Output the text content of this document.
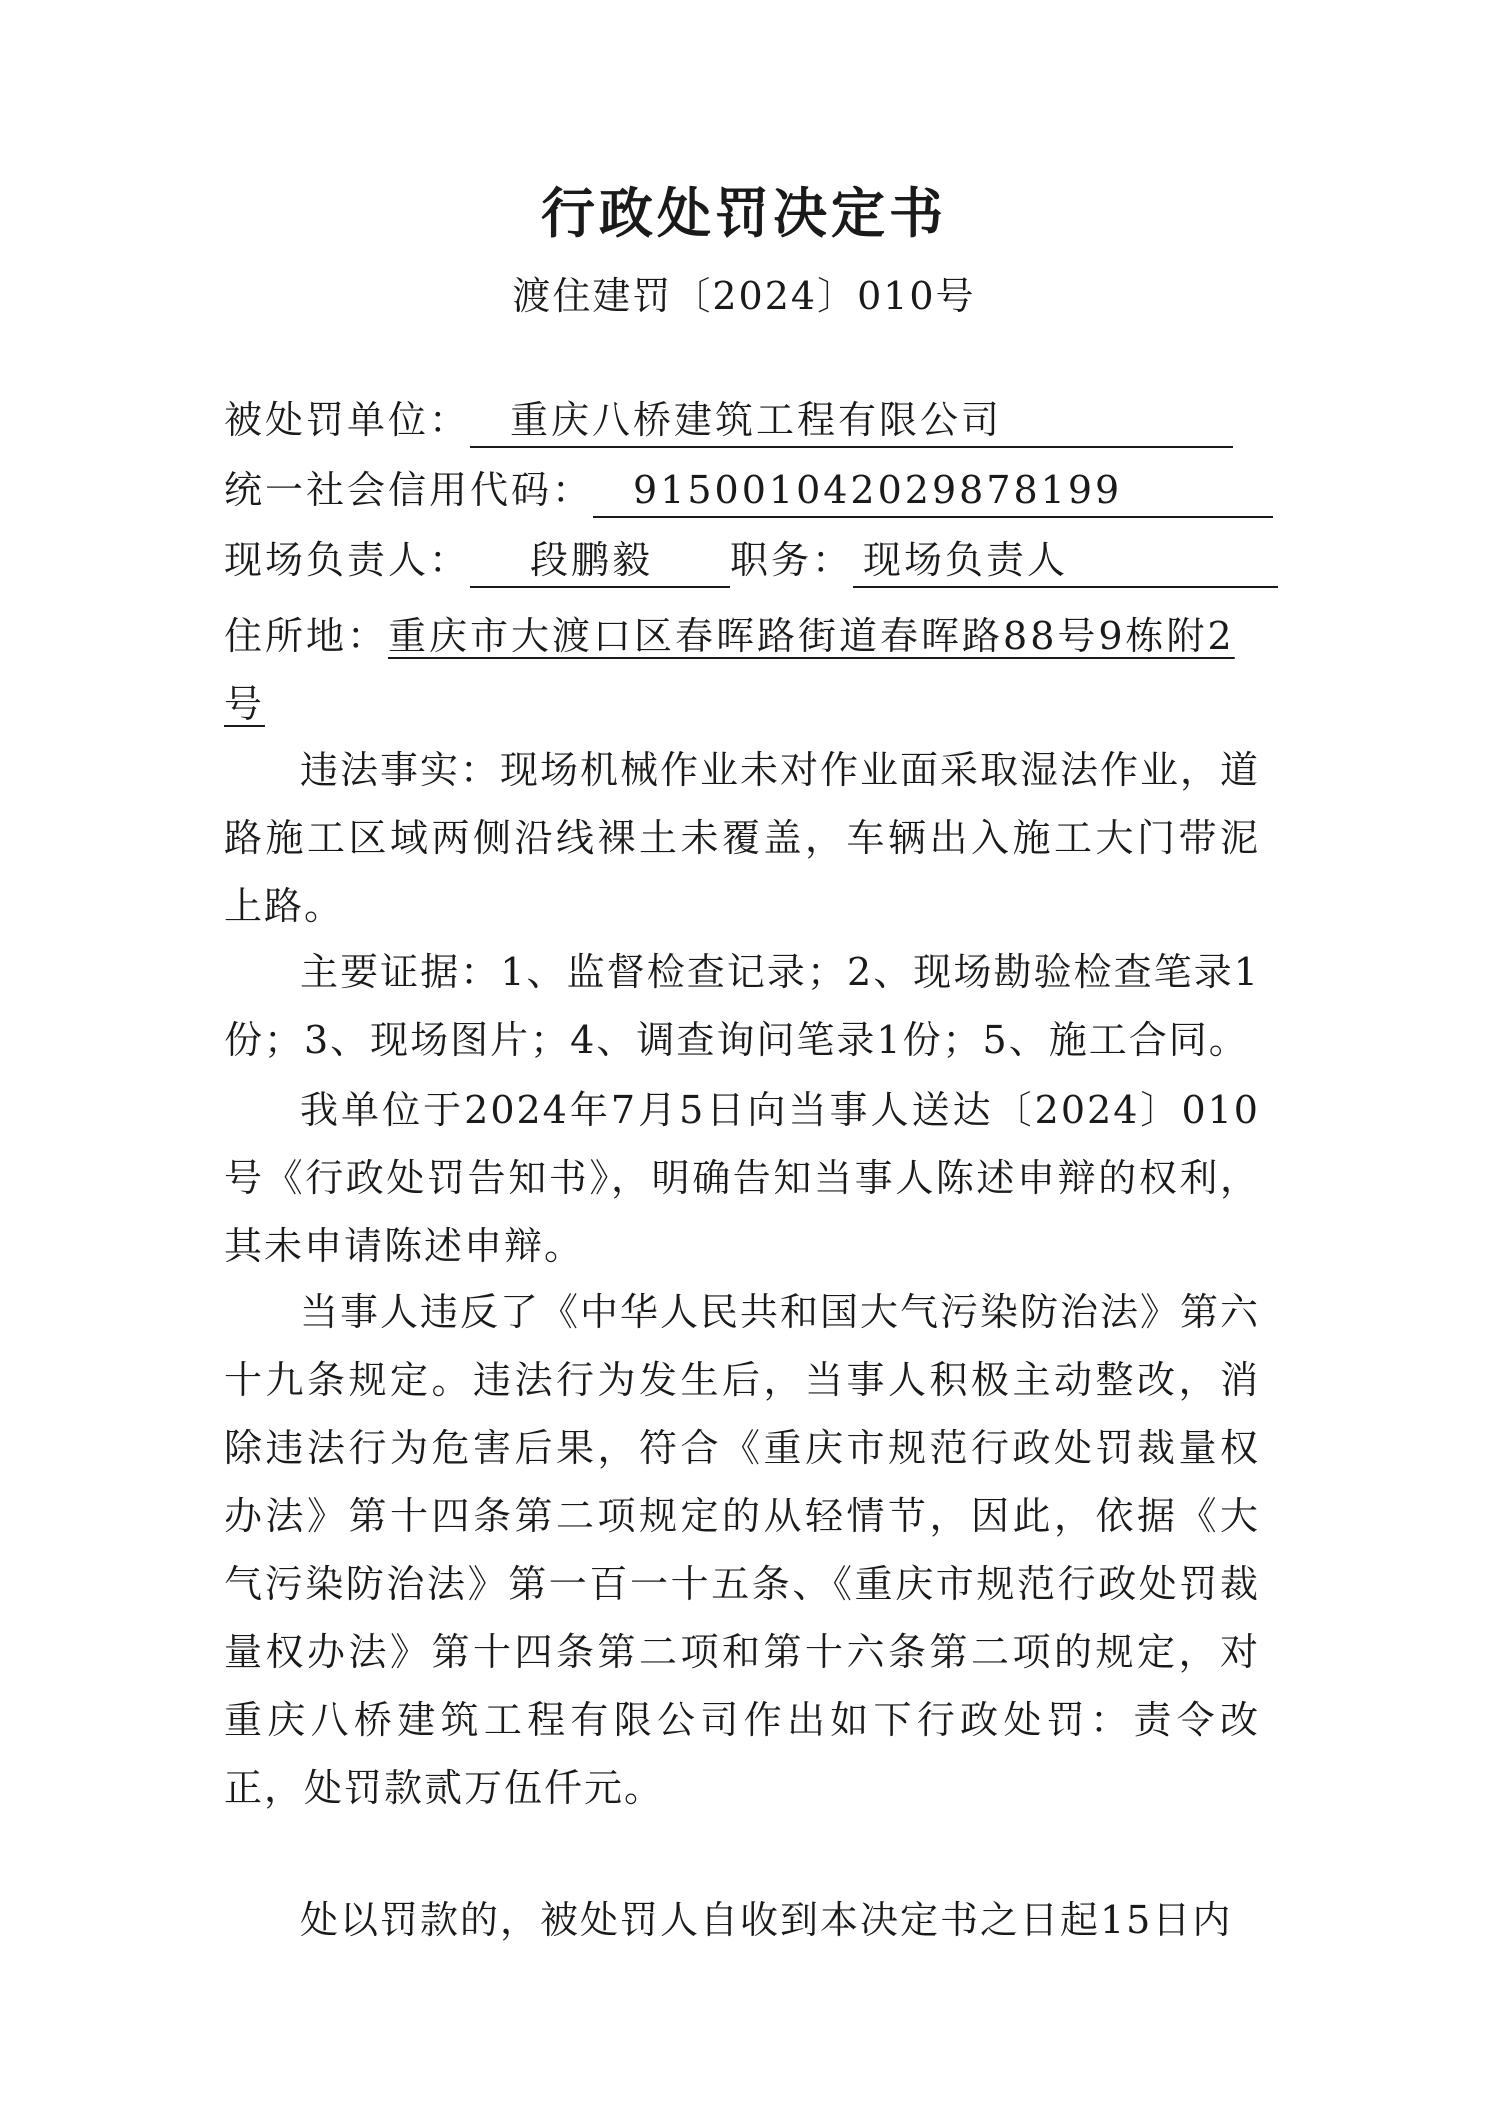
行政处罚决定书
渡住建罚〔2024〕010号
被处罚单位： 重庆八桥建筑工程有限公司
统一社会信用代码： 915001042029878199
现场负责人： 段鹏毅 职务： 现场负责人
住所地：重庆市大渡口区春晖路街道春晖路88号9栋附2号

违法事实：现场机械作业未对作业面采取湿法作业，道路施工区域两侧沿线裸土未覆盖，车辆出入施工大门带泥上路。

主要证据：1、监督检查记录；2、现场勘验检查笔录1份；3、现场图片；4、调查询问笔录1份；5、施工合同。

我单位于2024年7月5日向当事人送达〔2024〕010号《行政处罚告知书》，明确告知当事人陈述申辩的权利，其未申请陈述申辩。

当事人违反了《中华人民共和国大气污染防治法》第六十九条规定。违法行为发生后，当事人积极主动整改，消除违法行为危害后果，符合《重庆市规范行政处罚裁量权办法》第十四条第二项规定的从轻情节，因此，依据《大气污染防治法》第一百一十五条、《重庆市规范行政处罚裁量权办法》第十四条第二项和第十六条第二项的规定，对重庆八桥建筑工程有限公司作出如下行政处罚：责令改正，处罚款贰万伍仟元。

处以罚款的，被处罚人自收到本决定书之日起15日内
